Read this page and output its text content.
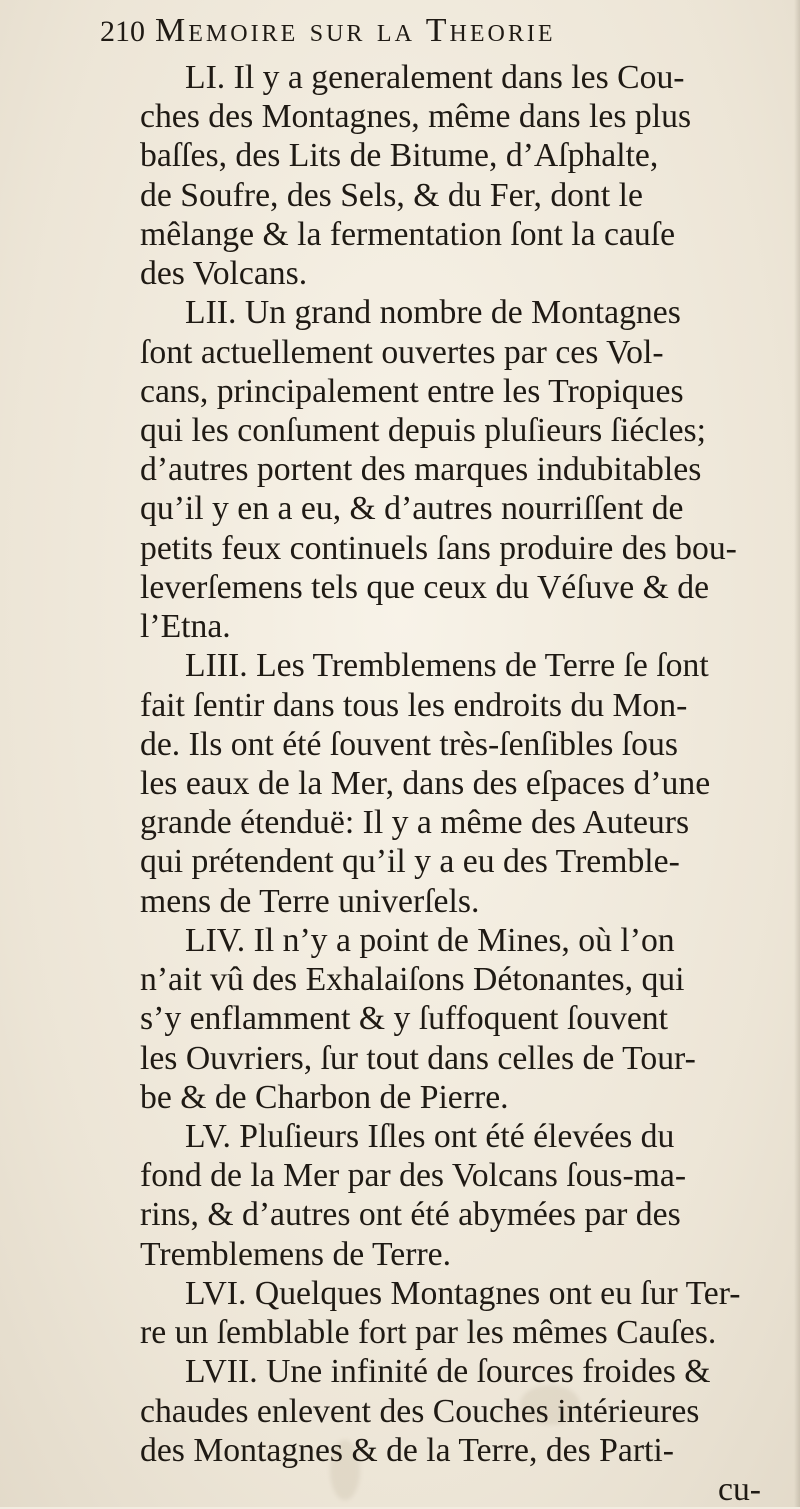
210 Memoire sur la Theorie
LI. Il y a generalement dans les Cou-
ches des Montagnes, même dans les plus
baſſes, des Lits de Bitume, d’Aſphalte,
de Soufre, des Sels, & du Fer, dont le
mêlange & la fermentation ſont la cauſe
des Volcans.
LII. Un grand nombre de Montagnes
ſont actuellement ouvertes par ces Vol-
cans, principalement entre les Tropiques
qui les conſument depuis pluſieurs ſiécles;
d’autres portent des marques indubitables
qu’il y en a eu, & d’autres nourriſſent de
petits feux continuels ſans produire des bou-
leverſemens tels que ceux du Véſuve & de
l’Etna.
LIII. Les Tremblemens de Terre ſe ſont
fait ſentir dans tous les endroits du Mon-
de. Ils ont été ſouvent très-ſenſibles ſous
les eaux de la Mer, dans des eſpaces d’une
grande étenduë: Il y a même des Auteurs
qui prétendent qu’il y a eu des Tremble-
mens de Terre univerſels.
LIV. Il n’y a point de Mines, où l’on
n’ait vû des Exhalaiſons Détonantes, qui
s’y enflamment & y ſuffoquent ſouvent
les Ouvriers, ſur tout dans celles de Tour-
be & de Charbon de Pierre.
LV. Pluſieurs Iſles ont été élevées du
fond de la Mer par des Volcans ſous-ma-
rins, & d’autres ont été abymées par des
Tremblemens de Terre.
LVI. Quelques Montagnes ont eu ſur Ter-
re un ſemblable fort par les mêmes Cauſes.
LVII. Une infinité de ſources froides &
chaudes enlevent des Couches intérieures
des Montagnes & de la Terre, des Parti-
cu-
